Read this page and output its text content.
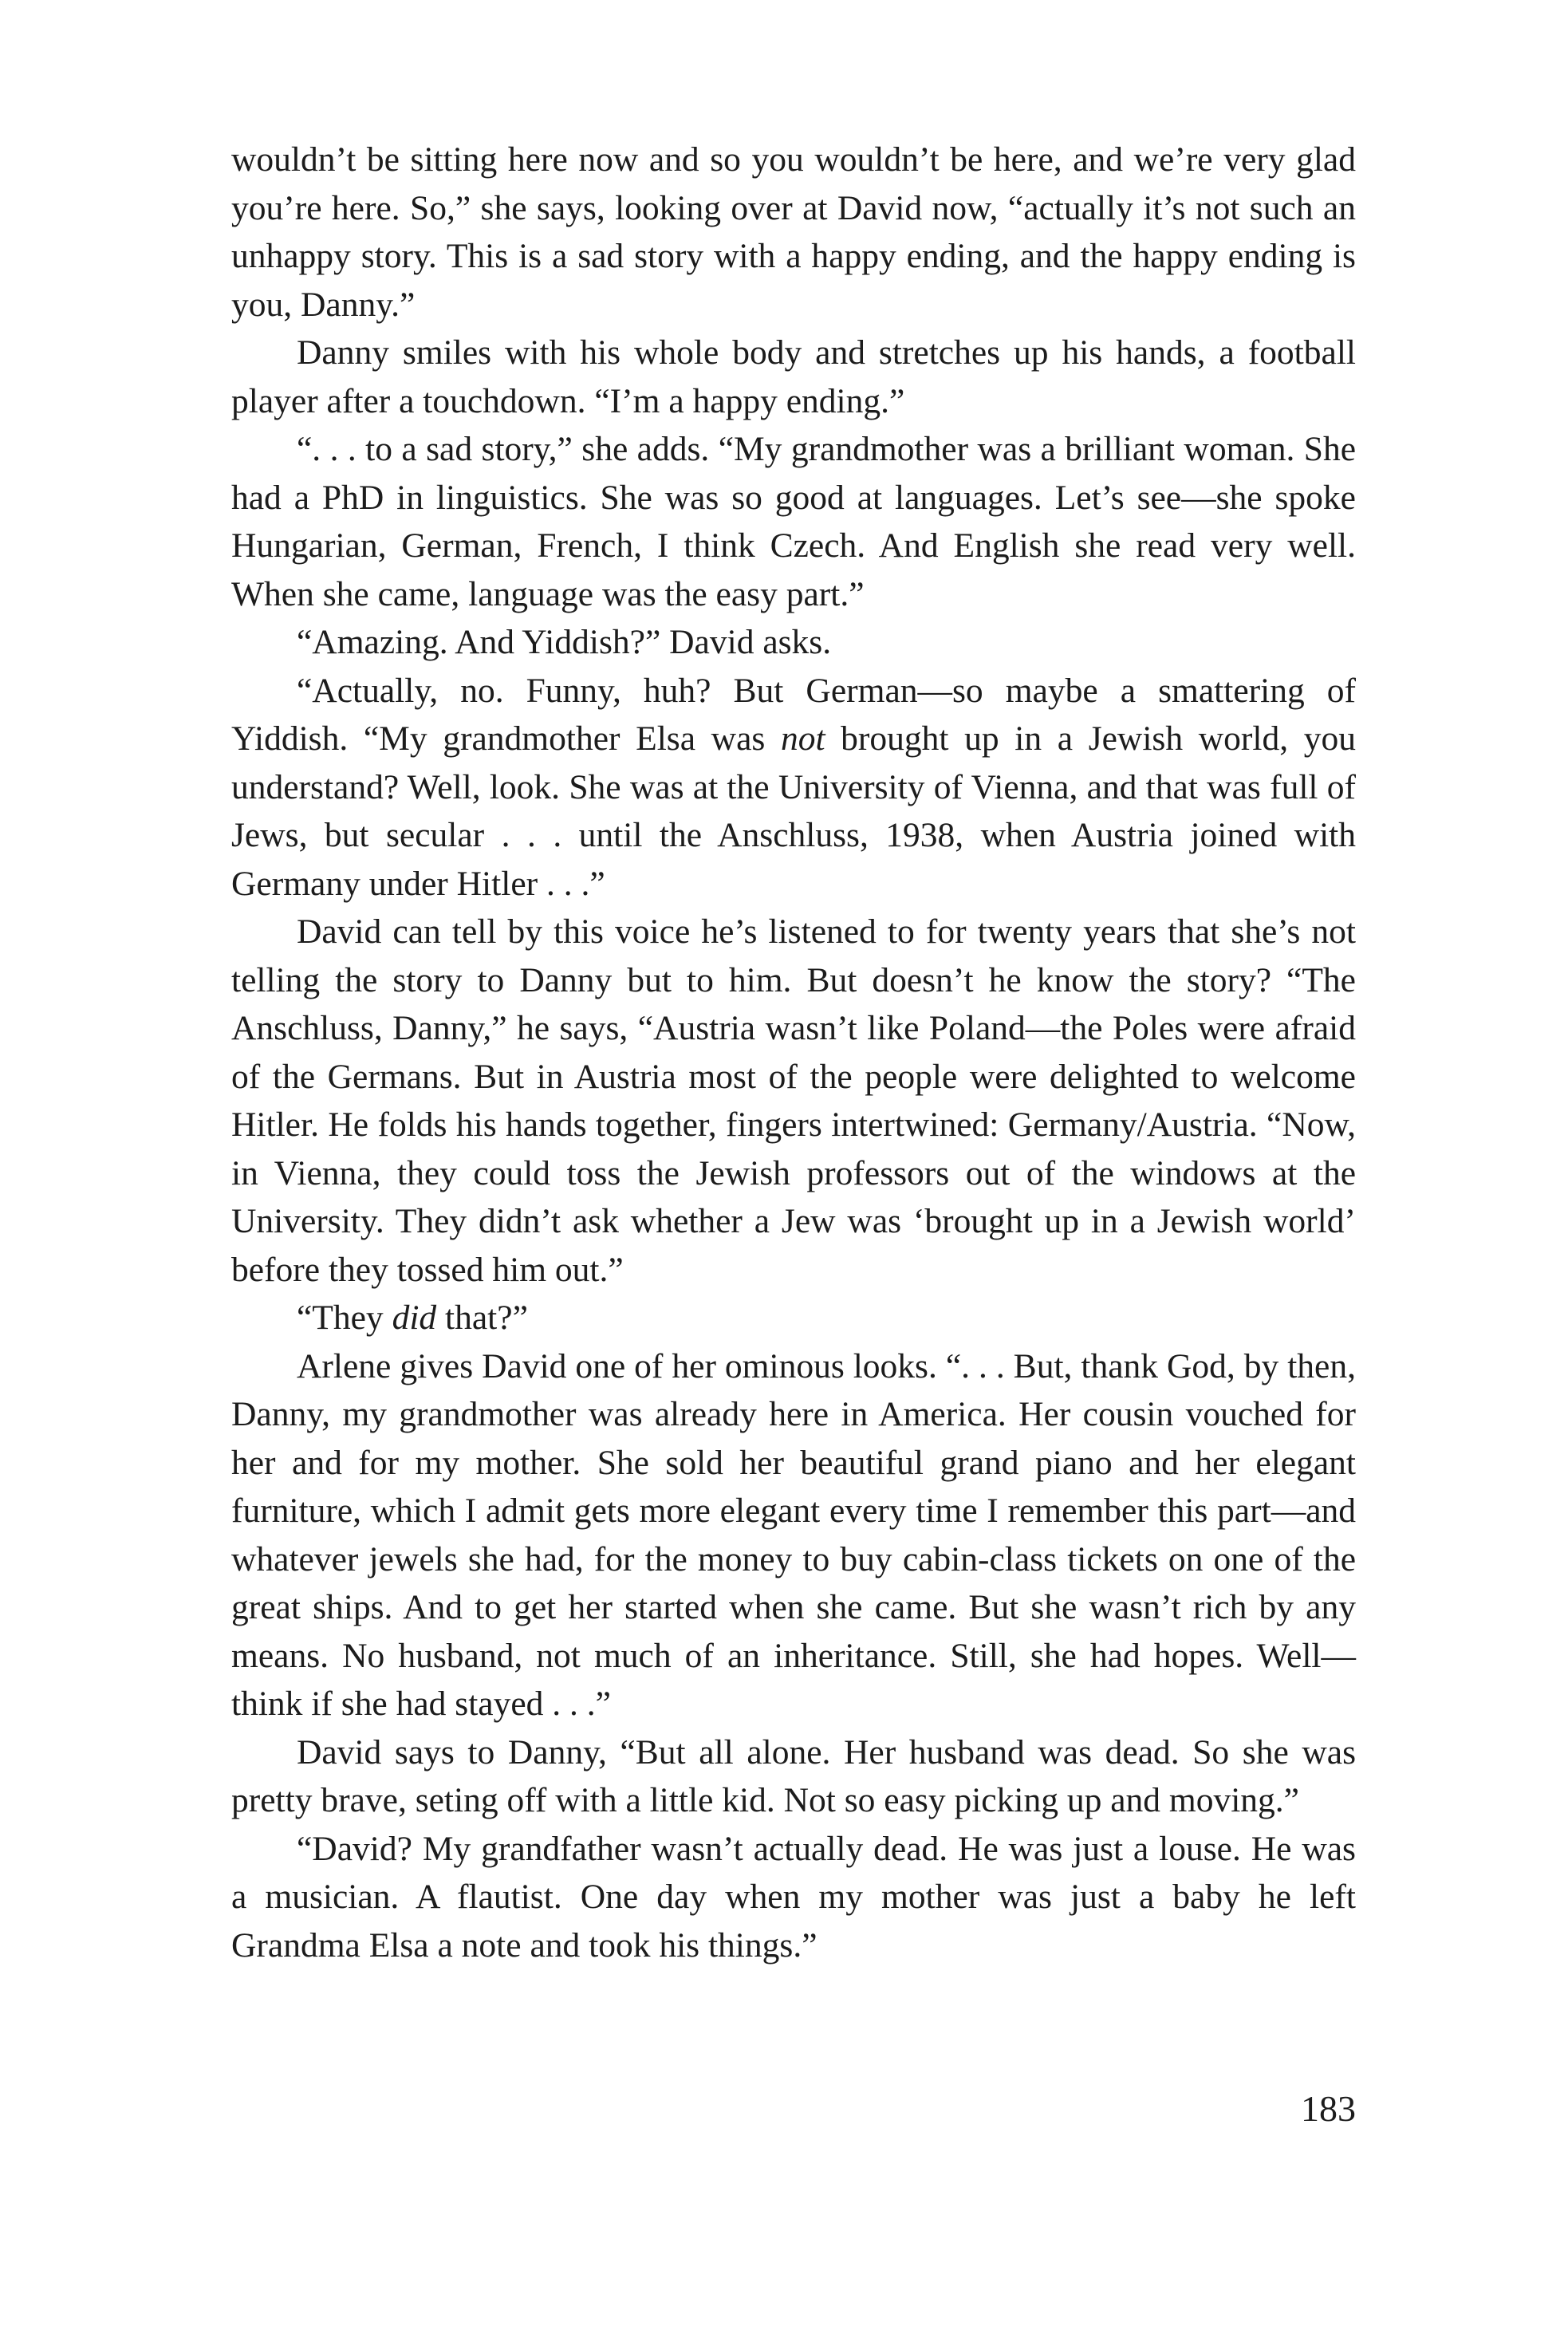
wouldn’t be sitting here now and so you wouldn’t be here, and we’re very glad you’re here. So,” she says, looking over at David now, “actually it’s not such an unhappy story. This is a sad story with a happy ending, and the happy ending is you, Danny.”

Danny smiles with his whole body and stretches up his hands, a football player after a touchdown. “I’m a happy ending.”

“. . . to a sad story,” she adds. “My grandmother was a brilliant woman. She had a PhD in linguistics. She was so good at languages. Let’s see—she spoke Hungarian, German, French, I think Czech. And English she read very well. When she came, language was the easy part.”

“Amazing. And Yiddish?” David asks.

“Actually, no. Funny, huh? But German—so maybe a smattering of Yiddish. “My grandmother Elsa was not brought up in a Jewish world, you understand? Well, look. She was at the University of Vienna, and that was full of Jews, but secular . . . until the Anschluss, 1938, when Austria joined with Germany under Hitler . . .”

David can tell by this voice he’s listened to for twenty years that she’s not telling the story to Danny but to him. But doesn’t he know the story? “The Anschluss, Danny,” he says, “Austria wasn’t like Poland—the Poles were afraid of the Germans. But in Austria most of the people were delighted to welcome Hitler. He folds his hands together, fingers intertwined: Germany/Austria. “Now, in Vienna, they could toss the Jewish professors out of the windows at the University. They didn’t ask whether a Jew was ‘brought up in a Jewish world’ before they tossed him out.”

“They did that?”

Arlene gives David one of her ominous looks. “. . . But, thank God, by then, Danny, my grandmother was already here in America. Her cousin vouched for her and for my mother. She sold her beautiful grand piano and her elegant furniture, which I admit gets more elegant every time I remember this part—and whatever jewels she had, for the money to buy cabin-class tickets on one of the great ships. And to get her started when she came. But she wasn’t rich by any means. No husband, not much of an inheritance. Still, she had hopes. Well—think if she had stayed . . .”

David says to Danny, “But all alone. Her husband was dead. So she was pretty brave, seting off with a little kid. Not so easy picking up and moving.”

“David? My grandfather wasn’t actually dead. He was just a louse. He was a musician. A flautist. One day when my mother was just a baby he left Grandma Elsa a note and took his things.”

183
